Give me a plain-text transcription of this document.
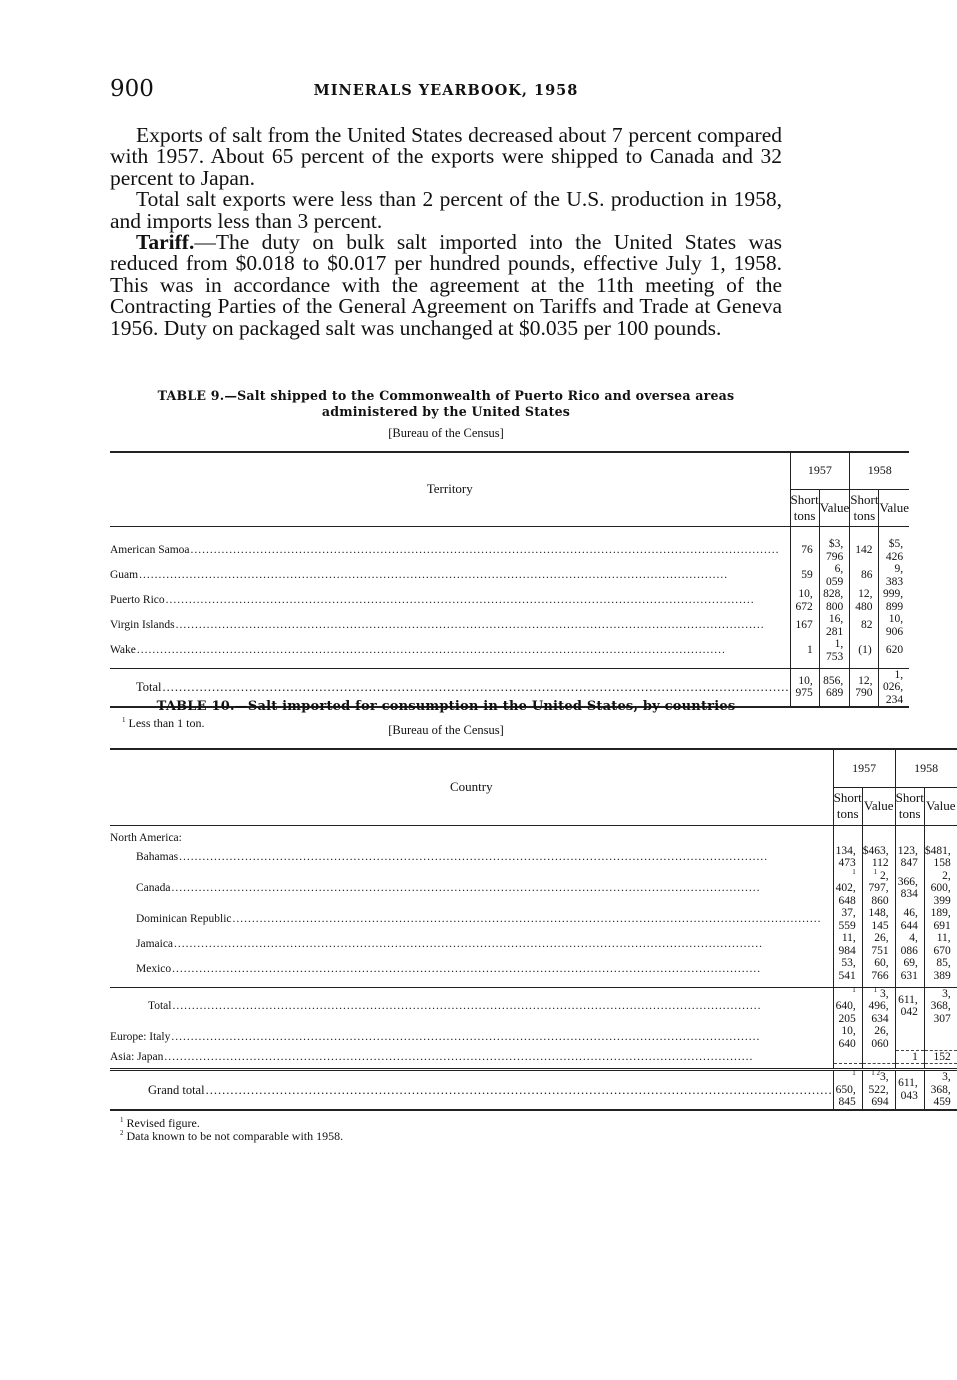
900	MINERALS YEARBOOK, 1958

Exports of salt from the United States decreased about 7 percent compared with 1957. About 65 percent of the exports were shipped to Canada and 32 percent to Japan.

Total salt exports were less than 2 percent of the U.S. production in 1958, and imports less than 3 percent.

Tariff.—The duty on bulk salt imported into the United States was reduced from $0.018 to $0.017 per hundred pounds, effective July 1, 1958. This was in accordance with the agreement at the 11th meeting of the Contracting Parties of the General Agreement on Tariffs and Trade at Geneva 1956. Duty on packaged salt was unchanged at $0.035 per 100 pounds.

TABLE 9.—Salt shipped to the Commonwealth of Puerto Rico and oversea areas
administered by the United States
[Bureau of the Census]
Territory	1957		1958	
	Short tons	Value	Short tons	Value

American Samoa
.....	76	$3, 796	142	$5, 426

Guam
.....	59	6, 059	86	9, 383

Puerto Rico
.....	10, 672	828, 800	12, 480	999, 899

Virgin Islands
.....	167	16, 281	82	10, 906

Wake
.....	1	1, 753	(1)	620

Total
.....	10, 975	856, 689	12, 790	1, 026, 234
$^1$ Less than 1 ton.
TABLE 10.—Salt imported for consumption in the United States, by countries
[Bureau of the Census]
Country	1957		1958	
	Short tons	Value	Short tons	Value

North America:				

Bahamas
.....	134, 473	$463, 112	123, 847	$481, 158

Canada
.....	$^1$ 402, 648	$^1$ 2, 797, 860	366, 834	2, 600, 399

Dominican Republic
.....	37, 559	148, 145	46, 644	189, 691

Jamaica
.....	11, 984	26, 751	4, 086	11, 670

Mexico
.....	53, 541	60, 766	69, 631	85, 389

Total
.....	$^1$ 640, 205	$^1$ 3, 496, 634	611, 042	3, 368, 307

Europe: Italy
.....	10, 640	26, 060		

Asia: Japan
.....			1	152

Grand total
.....	$^1$ 650, 845	$^{1 2}$3, 522, 694	611, 043	3, 368, 459
$^1$ Revised figure.
$^2$ Data known to be not comparable with 1958.
